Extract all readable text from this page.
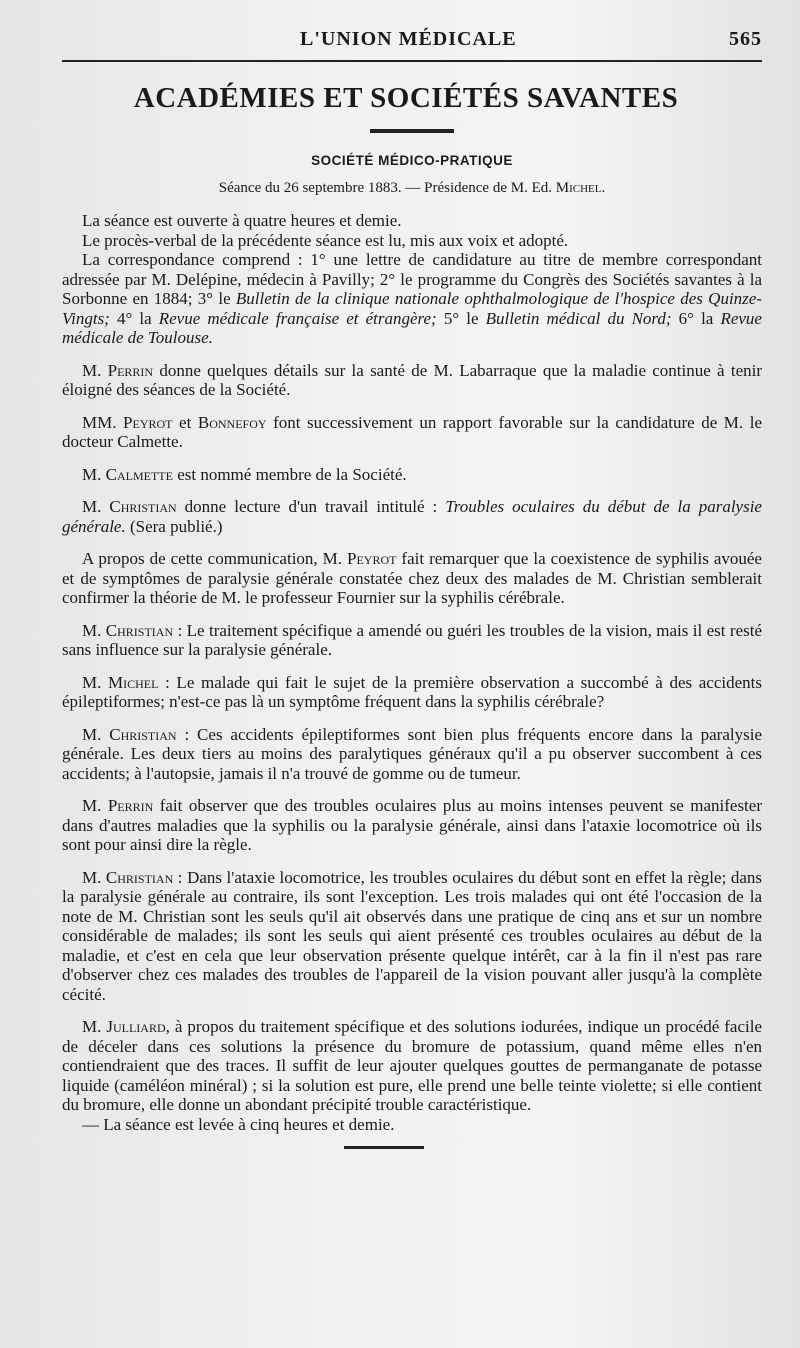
L'UNION MÉDICALE	565
ACADÉMIES ET SOCIÉTÉS SAVANTES
SOCIÉTÉ MÉDICO-PRATIQUE
Séance du 26 septembre 1883. — Présidence de M. Ed. Michel.

La séance est ouverte à quatre heures et demie.

Le procès-verbal de la précédente séance est lu, mis aux voix et adopté.

La correspondance comprend : 1° une lettre de candidature au titre de membre correspondant adressée par M. Delépine, médecin à Pavilly; 2° le programme du Congrès des Sociétés savantes à la Sorbonne en 1884; 3° le Bulletin de la clinique nationale ophthalmologique de l'hospice des Quinze-Vingts; 4° la Revue médicale française et étrangère; 5° le Bulletin médical du Nord; 6° la Revue médicale de Toulouse.

M. Perrin donne quelques détails sur la santé de M. Labarraque que la maladie continue à tenir éloigné des séances de la Société.

MM. Peyrot et Bonnefoy font successivement un rapport favorable sur la candidature de M. le docteur Calmette.

M. Calmette est nommé membre de la Société.

M. Christian donne lecture d'un travail intitulé : Troubles oculaires du début de la paralysie générale. (Sera publié.)

A propos de cette communication, M. Peyrot fait remarquer que la coexistence de syphilis avouée et de symptômes de paralysie générale constatée chez deux des malades de M. Christian semblerait confirmer la théorie de M. le professeur Fournier sur la syphilis cérébrale.

M. Christian : Le traitement spécifique a amendé ou guéri les troubles de la vision, mais il est resté sans influence sur la paralysie générale.

M. Michel : Le malade qui fait le sujet de la première observation a succombé à des accidents épileptiformes; n'est-ce pas là un symptôme fréquent dans la syphilis cérébrale?

M. Christian : Ces accidents épileptiformes sont bien plus fréquents encore dans la paralysie générale. Les deux tiers au moins des paralytiques généraux qu'il a pu observer succombent à ces accidents; à l'autopsie, jamais il n'a trouvé de gomme ou de tumeur.

M. Perrin fait observer que des troubles oculaires plus au moins intenses peuvent se manifester dans d'autres maladies que la syphilis ou la paralysie générale, ainsi dans l'ataxie locomotrice où ils sont pour ainsi dire la règle.

M. Christian : Dans l'ataxie locomotrice, les troubles oculaires du début sont en effet la règle; dans la paralysie générale au contraire, ils sont l'exception. Les trois malades qui ont été l'occasion de la note de M. Christian sont les seuls qu'il ait observés dans une pratique de cinq ans et sur un nombre considérable de malades; ils sont les seuls qui aient présenté ces troubles oculaires au début de la maladie, et c'est en cela que leur observation présente quelque intérêt, car à la fin il n'est pas rare d'observer chez ces malades des troubles de l'appareil de la vision pouvant aller jusqu'à la complète cécité.

M. Julliard, à propos du traitement spécifique et des solutions iodurées, indique un procédé facile de déceler dans ces solutions la présence du bromure de potassium, quand même elles n'en contiendraient que des traces. Il suffit de leur ajouter quelques gouttes de permanganate de potasse liquide (caméléon minéral) ; si la solution est pure, elle prend une belle teinte violette; si elle contient du bromure, elle donne un abondant précipité trouble caractéristique.

— La séance est levée à cinq heures et demie.
